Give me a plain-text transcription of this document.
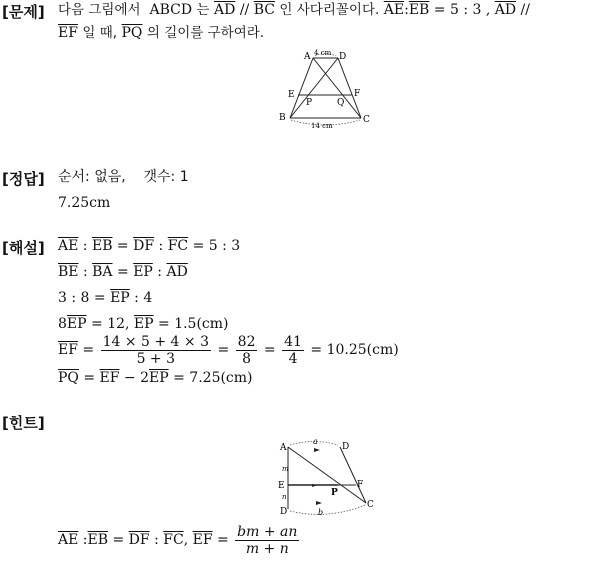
[문제] 다음 그림에서 ABCD 는 $\overline{AD} // \overline{BC}$ 인 사다리꼴이다. $\overline{AE}:\overline{EB} = 5$ : 3 , $\overline{AD}$ //
$\overline{EF}$ 일 때, $\overline{PQ}$ 의 길이를 구하여라.
A 4 cm D
E
P	Q
F
B	C
14 cm
[정답] 순서: 없음,    갯수: 1
7.25cm
[해설] $\overline{AE}$ : $\overline{EB} = \overline{DF}$ : $\overline{FC} = 5$ : 3
$\overline{BE}$ : $\overline{BA} = \overline{EP}$ : $\overline{AD}$
3 : $8 = \overline{EP}$ : 4
$8\overline{EP} = 12$, $\overline{EP} = 1.5(cm)$
$\overline{EF} = \frac{14 \times 5 + 4 \times 3}{5 + 3} = \frac{82}{8} = \frac{41}{4} = 10.25(cm)$
$\overline{PQ} = \overline{EF} - 2\overline{EP} = 7.25(cm)$
[힌트]
A
a
D
m
E
P
F
n
D	b
C
$\overline{AE}$ : $\overline{EB} = \overline{DF}$ : $\overline{FC}$ , $\overline{EF} = \frac{bm + an}{m + n}$
